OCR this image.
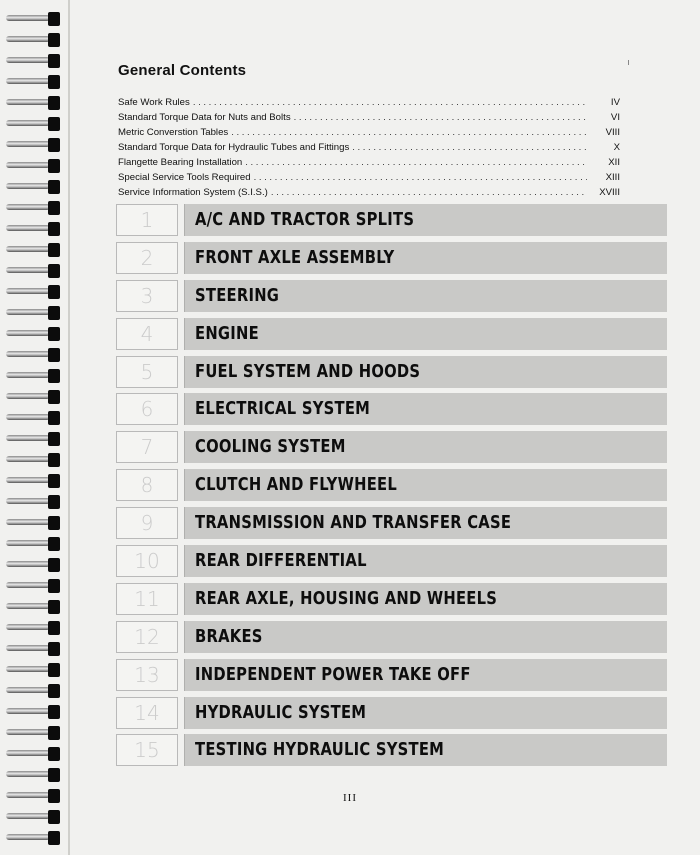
General Contents
Safe Work Rules .....	IV
Standard Torque Data for Nuts and Bolts .....	VI
Metric Converstion Tables .....	VIII
Standard Torque Data for Hydraulic Tubes and Fittings .....	X
Flangette Bearing Installation .....	XII
Special Service Tools Required .....	XIII
Service Information System (S.I.S.) .....	XVIII
1	A/C AND TRACTOR SPLITS
2	FRONT AXLE ASSEMBLY
3	STEERING
4	ENGINE
5	FUEL SYSTEM AND HOODS
6	ELECTRICAL SYSTEM
7	COOLING SYSTEM
8	CLUTCH AND FLYWHEEL
9	TRANSMISSION AND TRANSFER CASE
10	REAR DIFFERENTIAL
11	REAR AXLE, HOUSING AND WHEELS
12	BRAKES
13	INDEPENDENT POWER TAKE OFF
14	HYDRAULIC SYSTEM
15	TESTING HYDRAULIC SYSTEM
III
